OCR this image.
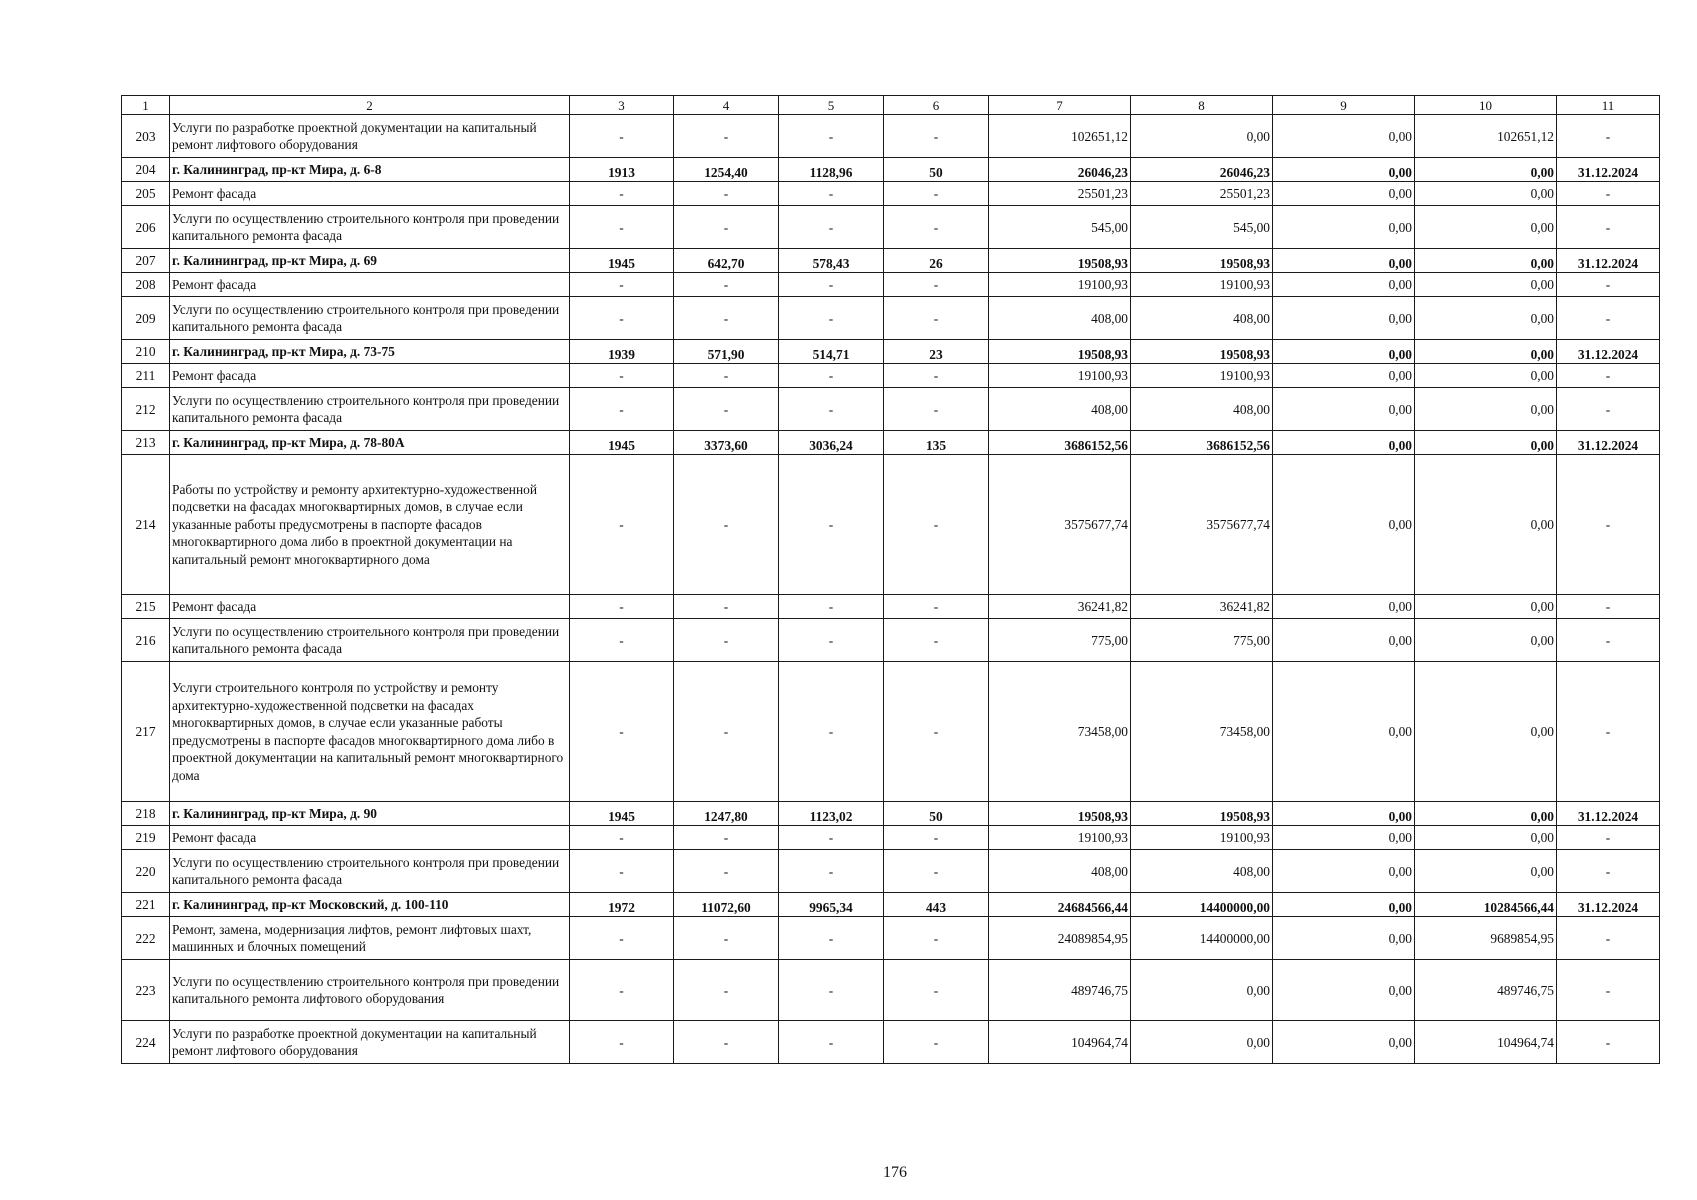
1	2	3	4	5	6	7	8	9	10	11
203	Услуги по разработке проектной документации на капитальный ремонт лифтового оборудования	-	-	-	-	102651,12	0,00	0,00	102651,12	-
204	г. Калининград, пр-кт Мира, д. 6-8	1913	1254,40	1128,96	50	26046,23	26046,23	0,00	0,00	31.12.2024
205	Ремонт фасада	-	-	-	-	25501,23	25501,23	0,00	0,00	-
206	Услуги по осуществлению строительного контроля при проведении капитального ремонта фасада	-	-	-	-	545,00	545,00	0,00	0,00	-
207	г. Калининград, пр-кт Мира, д. 69	1945	642,70	578,43	26	19508,93	19508,93	0,00	0,00	31.12.2024
208	Ремонт фасада	-	-	-	-	19100,93	19100,93	0,00	0,00	-
209	Услуги по осуществлению строительного контроля при проведении капитального ремонта фасада	-	-	-	-	408,00	408,00	0,00	0,00	-
210	г. Калининград, пр-кт Мира, д. 73-75	1939	571,90	514,71	23	19508,93	19508,93	0,00	0,00	31.12.2024
211	Ремонт фасада	-	-	-	-	19100,93	19100,93	0,00	0,00	-
212	Услуги по осуществлению строительного контроля при проведении капитального ремонта фасада	-	-	-	-	408,00	408,00	0,00	0,00	-
213	г. Калининград, пр-кт Мира, д. 78-80А	1945	3373,60	3036,24	135	3686152,56	3686152,56	0,00	0,00	31.12.2024
214	Работы по устройству и ремонту архитектурно-художественной подсветки на фасадах многоквартирных домов, в случае если указанные работы предусмотрены в паспорте фасадов многоквартирного дома либо в проектной документации на капитальный ремонт многоквартирного дома	-	-	-	-	3575677,74	3575677,74	0,00	0,00	-
215	Ремонт фасада	-	-	-	-	36241,82	36241,82	0,00	0,00	-
216	Услуги по осуществлению строительного контроля при проведении капитального ремонта фасада	-	-	-	-	775,00	775,00	0,00	0,00	-
217	Услуги строительного контроля по устройству и ремонту архитектурно-художественной подсветки на фасадах многоквартирных домов, в случае если указанные работы предусмотрены в паспорте фасадов многоквартирного дома либо в проектной документации на капитальный ремонт многоквартирного дома	-	-	-	-	73458,00	73458,00	0,00	0,00	-
218	г. Калининград, пр-кт Мира, д. 90	1945	1247,80	1123,02	50	19508,93	19508,93	0,00	0,00	31.12.2024
219	Ремонт фасада	-	-	-	-	19100,93	19100,93	0,00	0,00	-
220	Услуги по осуществлению строительного контроля при проведении капитального ремонта фасада	-	-	-	-	408,00	408,00	0,00	0,00	-
221	г. Калининград, пр-кт Московский, д. 100-110	1972	11072,60	9965,34	443	24684566,44	14400000,00	0,00	10284566,44	31.12.2024
222	Ремонт, замена, модернизация лифтов, ремонт лифтовых шахт, машинных и блочных помещений	-	-	-	-	24089854,95	14400000,00	0,00	9689854,95	-
223	Услуги по осуществлению строительного контроля при проведении капитального ремонта лифтового оборудования	-	-	-	-	489746,75	0,00	0,00	489746,75	-
224	Услуги по разработке проектной документации на капитальный ремонт лифтового оборудования	-	-	-	-	104964,74	0,00	0,00	104964,74	-
176
